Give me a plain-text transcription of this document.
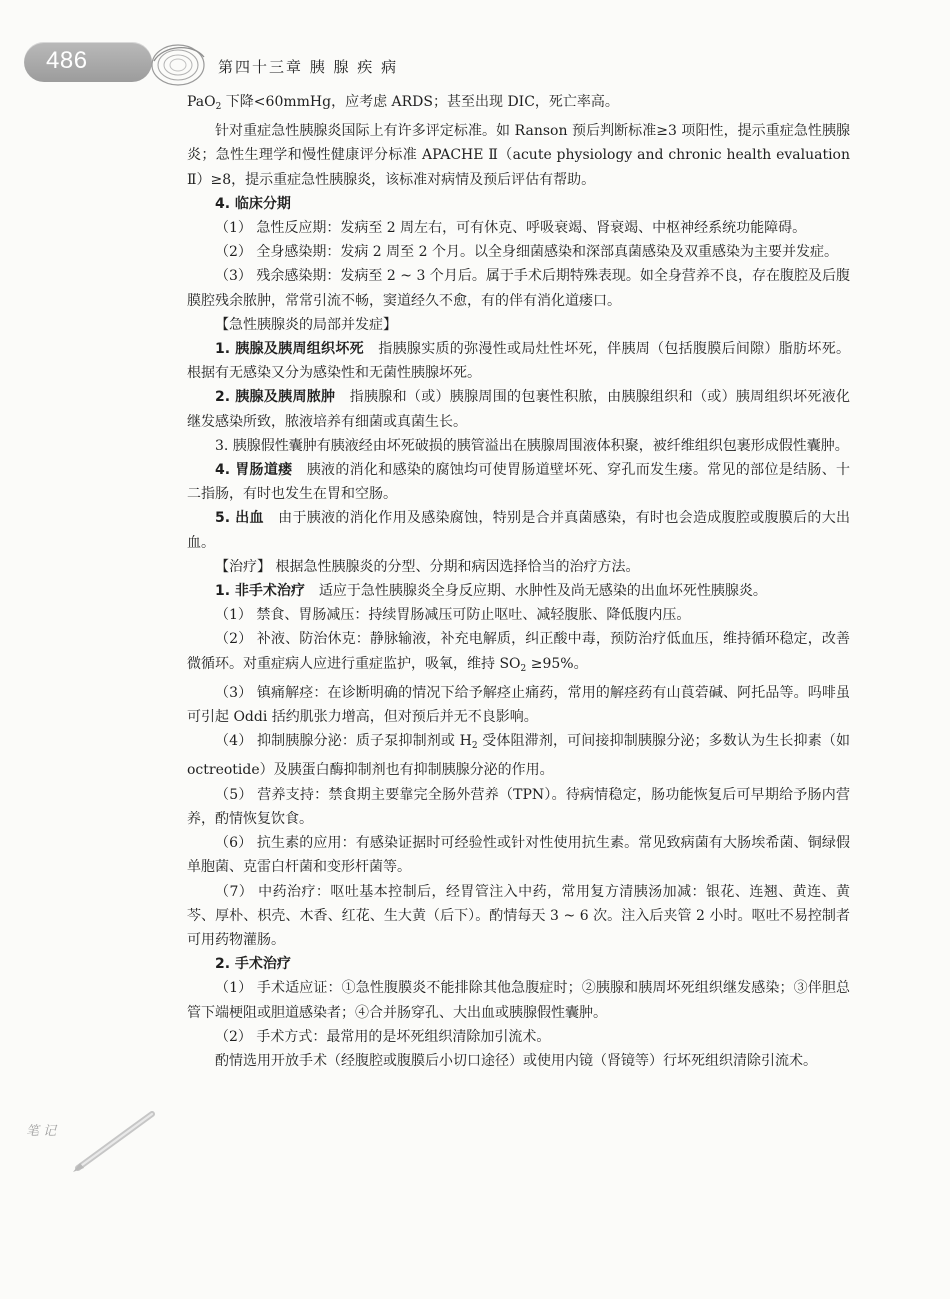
486	第四十三章 胰 腺 疾 病

PaO$_2$ 下降<60mmHg，应考虑 ARDS；甚至出现 DIC，死亡率高。

针对重症急性胰腺炎国际上有许多评定标准。如 Ranson 预后判断标准≥3 项阳性，提示重症急性胰腺炎；急性生理学和慢性健康评分标准 APACHE Ⅱ（acute physiology and chronic health evaluation Ⅱ）≥8，提示重症急性胰腺炎，该标准对病情及预后评估有帮助。

4. 临床分期

（1） 急性反应期：发病至 2 周左右，可有休克、呼吸衰竭、肾衰竭、中枢神经系统功能障碍。

（2） 全身感染期：发病 2 周至 2 个月。以全身细菌感染和深部真菌感染及双重感染为主要并发症。

（3） 残余感染期：发病至 2 ~ 3 个月后。属于手术后期特殊表现。如全身营养不良，存在腹腔及后腹膜腔残余脓肿，常常引流不畅，窦道经久不愈，有的伴有消化道瘘口。

【急性胰腺炎的局部并发症】

1. 胰腺及胰周组织坏死　指胰腺实质的弥漫性或局灶性坏死，伴胰周（包括腹膜后间隙）脂肪坏死。根据有无感染又分为感染性和无菌性胰腺坏死。

2. 胰腺及胰周脓肿　指胰腺和（或）胰腺周围的包裹性积脓，由胰腺组织和（或）胰周组织坏死液化继发感染所致，脓液培养有细菌或真菌生长。

3. 胰腺假性囊肿有胰液经由坏死破损的胰管溢出在胰腺周围液体积聚，被纤维组织包裹形成假性囊肿。

4. 胃肠道瘘　胰液的消化和感染的腐蚀均可使胃肠道壁坏死、穿孔而发生瘘。常见的部位是结肠、十二指肠，有时也发生在胃和空肠。

5. 出血　由于胰液的消化作用及感染腐蚀，特别是合并真菌感染，有时也会造成腹腔或腹膜后的大出血。

【治疗】 根据急性胰腺炎的分型、分期和病因选择恰当的治疗方法。

1. 非手术治疗　适应于急性胰腺炎全身反应期、水肿性及尚无感染的出血坏死性胰腺炎。

（1） 禁食、胃肠减压：持续胃肠减压可防止呕吐、减轻腹胀、降低腹内压。

（2） 补液、防治休克：静脉输液，补充电解质，纠正酸中毒，预防治疗低血压，维持循环稳定，改善微循环。对重症病人应进行重症监护，吸氧，维持 $SO_2 \ge 95\%$。

（3） 镇痛解痉：在诊断明确的情况下给予解痉止痛药，常用的解痉药有山莨菪碱、阿托品等。吗啡虽可引起 Oddi 括约肌张力增高，但对预后并无不良影响。

（4） 抑制胰腺分泌：质子泵抑制剂或 $H_2$ 受体阻滞剂，可间接抑制胰腺分泌；多数认为生长抑素（如 octreotide）及胰蛋白酶抑制剂也有抑制胰腺分泌的作用。

（5） 营养支持：禁食期主要靠完全肠外营养（TPN）。待病情稳定，肠功能恢复后可早期给予肠内营养，酌情恢复饮食。

（6） 抗生素的应用：有感染证据时可经验性或针对性使用抗生素。常见致病菌有大肠埃希菌、铜绿假单胞菌、克雷白杆菌和变形杆菌等。

（7） 中药治疗：呕吐基本控制后，经胃管注入中药，常用复方清胰汤加减：银花、连翘、黄连、黄芩、厚朴、枳壳、木香、红花、生大黄（后下）。酌情每天 3 ~ 6 次。注入后夹管 2 小时。呕吐不易控制者可用药物灌肠。

2. 手术治疗

（1） 手术适应证：①急性腹膜炎不能排除其他急腹症时；②胰腺和胰周坏死组织继发感染；③伴胆总管下端梗阻或胆道感染者；④合并肠穿孔、大出血或胰腺假性囊肿。

（2） 手术方式：最常用的是坏死组织清除加引流术。

酌情选用开放手术（经腹腔或腹膜后小切口途径）或使用内镜（肾镜等）行坏死组织清除引流术。

笔 记
